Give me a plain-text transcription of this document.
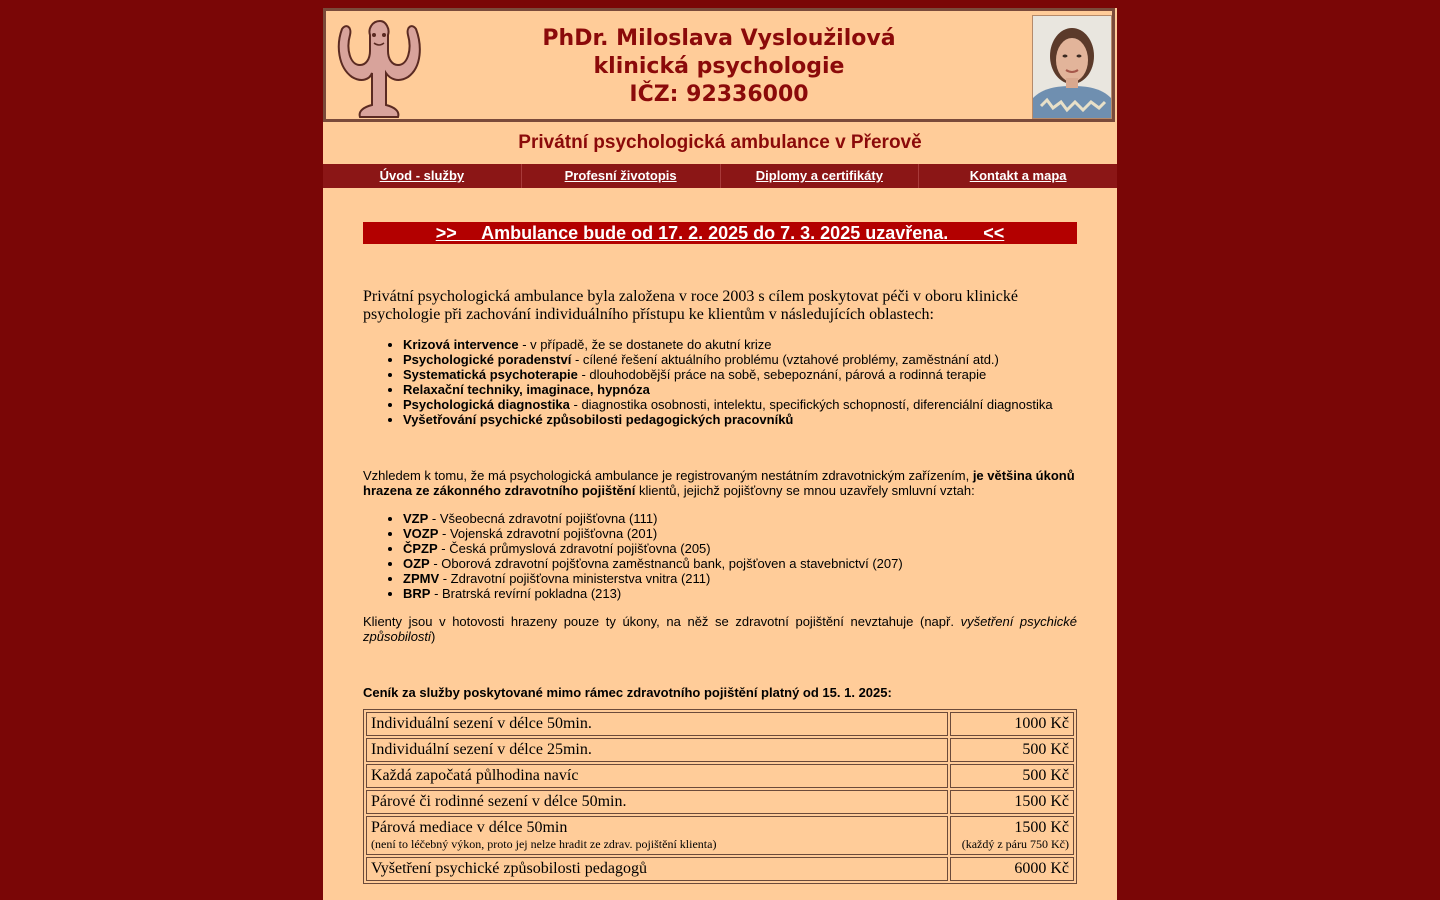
PhDr. Miloslava Vysloužilová
klinická psychologie
IČZ: 92336000
Privátní psychologická ambulance v Přerově
Úvod - služby	Profesní životopis	Diplomy a certifikáty	Kontakt a mapa
>>     Ambulance bude od 17. 2. 2025 do 7. 3. 2025 uzavřena.       <<

Privátní psychologická ambulance byla založena v roce 2003 s cílem poskytovat péči v oboru klinické psychologie při zachování individuálního přístupu ke klientům v následujících oblastech:

• Krizová intervence - v případě, že se dostanete do akutní krize
• Psychologické poradenství - cílené řešení aktuálního problému (vztahové problémy, zaměstnání atd.)
• Systematická psychoterapie - dlouhodobější práce na sobě, sebepoznání, párová a rodinná terapie
• Relaxační techniky, imaginace, hypnóza
• Psychologická diagnostika - diagnostika osobnosti, intelektu, specifických schopností, diferenciální diagnostika
• Vyšetřování psychické způsobilosti pedagogických pracovníků

Vzhledem k tomu, že má psychologická ambulance je registrovaným nestátním zdravotnickým zařízením, je většina úkonů hrazena ze zákonného zdravotního pojištění klientů, jejichž pojišťovny se mnou uzavřely smluvní vztah:

• VZP - Všeobecná zdravotní pojišťovna (111)
• VOZP - Vojenská zdravotní pojišťovna (201)
• ČPZP - Česká průmyslová zdravotní pojišťovna (205)
• OZP - Oborová zdravotní pojšťovna zaměstnanců bank, pojšťoven a stavebnictví (207)
• ZPMV - Zdravotní pojišťovna ministerstva vnitra (211)
• BRP - Bratrská revírní pokladna (213)

Klienty jsou v hotovosti hrazeny pouze ty úkony, na něž se zdravotní pojištění nevztahuje (např. vyšetření psychické způsobilosti)

Ceník za služby poskytované mimo rámec zdravotního pojištění platný od 15. 1. 2025:

Individuální sezení v délce 50min.	1000 Kč
Individuální sezení v délce 25min.	500 Kč
Každá započatá půlhodina navíc	500 Kč
Párové či rodinné sezení v délce 50min.	1500 Kč
Párová mediace v délce 50min
(není to léčebný výkon, proto jej nelze hradit ze zdrav. pojištění klienta)	1500 Kč
(každý z páru 750 Kč)

Vyšetření psychické způsobilosti pedagogů	6000 Kč
